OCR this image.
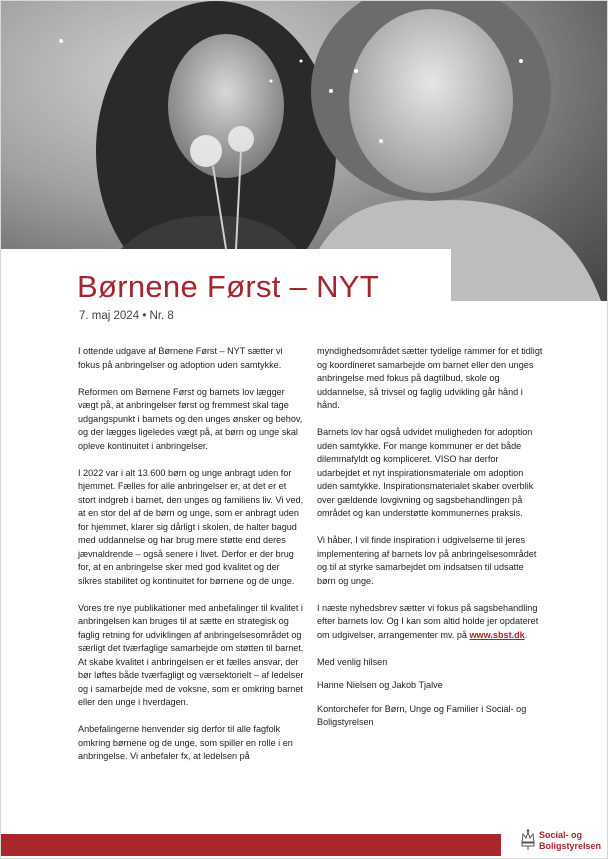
Børnene Først – NYT
7. maj 2024 • Nr. 8

I ottende udgave af Børnene Først – NYT sætter vi fokus på anbringelser og adoption uden samtykke.

Reformen om Børnene Først og barnets lov lægger vægt på, at anbringelser først og fremmest skal tage udgangspunkt i barnets og den unges ønsker og behov, og der lægges ligeledes vægt på, at børn og unge skal opleve kontinuitet i anbringelser.

I 2022 var i alt 13.600 børn og unge anbragt uden for hjemmet. Fælles for alle anbringelser er, at det er et stort indgreb i barnet, den unges og familiens liv. Vi ved, at en stor del af de børn og unge, som er anbragt uden for hjemmet, klarer sig dårligt i skolen, de halter bagud med uddannelse og har brug mere støtte end deres jævnaldrende – også senere i livet. Derfor er der brug for, at en anbringelse sker med god kvalitet og der sikres stabilitet og kontinuitet for børnene og de unge.

Vores tre nye publikationer med anbefalinger til kvalitet i anbringelsen kan bruges til at sætte en strategisk og faglig retning for udviklingen af anbringelsesområdet og særligt det tværfaglige samarbejde om støtten til barnet. At skabe kvalitet i anbringelsen er et fælles ansvar, der bør løftes både tværfagligt og værsektorielt – af ledelser og i samarbejde med de voksne, som er omkring barnet eller den unge i hverdagen.

Anbefalingerne henvender sig derfor til alle fagfolk omkring børnene og de unge, som spiller en rolle i en anbringelse. Vi anbefaler fx, at ledelsen på

myndighedsområdet sætter tydelige rammer for et tidligt og koordineret samarbejde om barnet eller den unges anbringelse med fokus på dagtilbud, skole og uddannelse, så trivsel og faglig udvikling går hånd i hånd.

Barnets lov har også udvidet muligheden for adoption uden samtykke. For mange kommuner er det både dilemmafyldt og kompliceret. VISO har derfor udarbejdet et nyt inspirationsmateriale om adoption uden samtykke. Inspirationsmaterialet skaber overblik over gældende lovgivning og sagsbehandlingen på området og kan understøtte kommunernes praksis.

Vi håber, I vil finde inspiration i udgivelserne til jeres implementering af barnets lov på anbringelsesområdet og til at styrke samarbejdet om indsatsen til udsatte børn og unge.

I næste nyhedsbrev sætter vi fokus på sagsbehandling efter barnets lov. Og I kan som altid holde jer opdateret om udgivelser, arrangementer mv. på www.sbst.dk.

Med venlig hilsen

Hanne Nielsen og Jakob Tjalve

Kontorchefer for Børn, Unge og Familier i Social- og Boligstyrelsen

Social- og
Boligstyrelsen
